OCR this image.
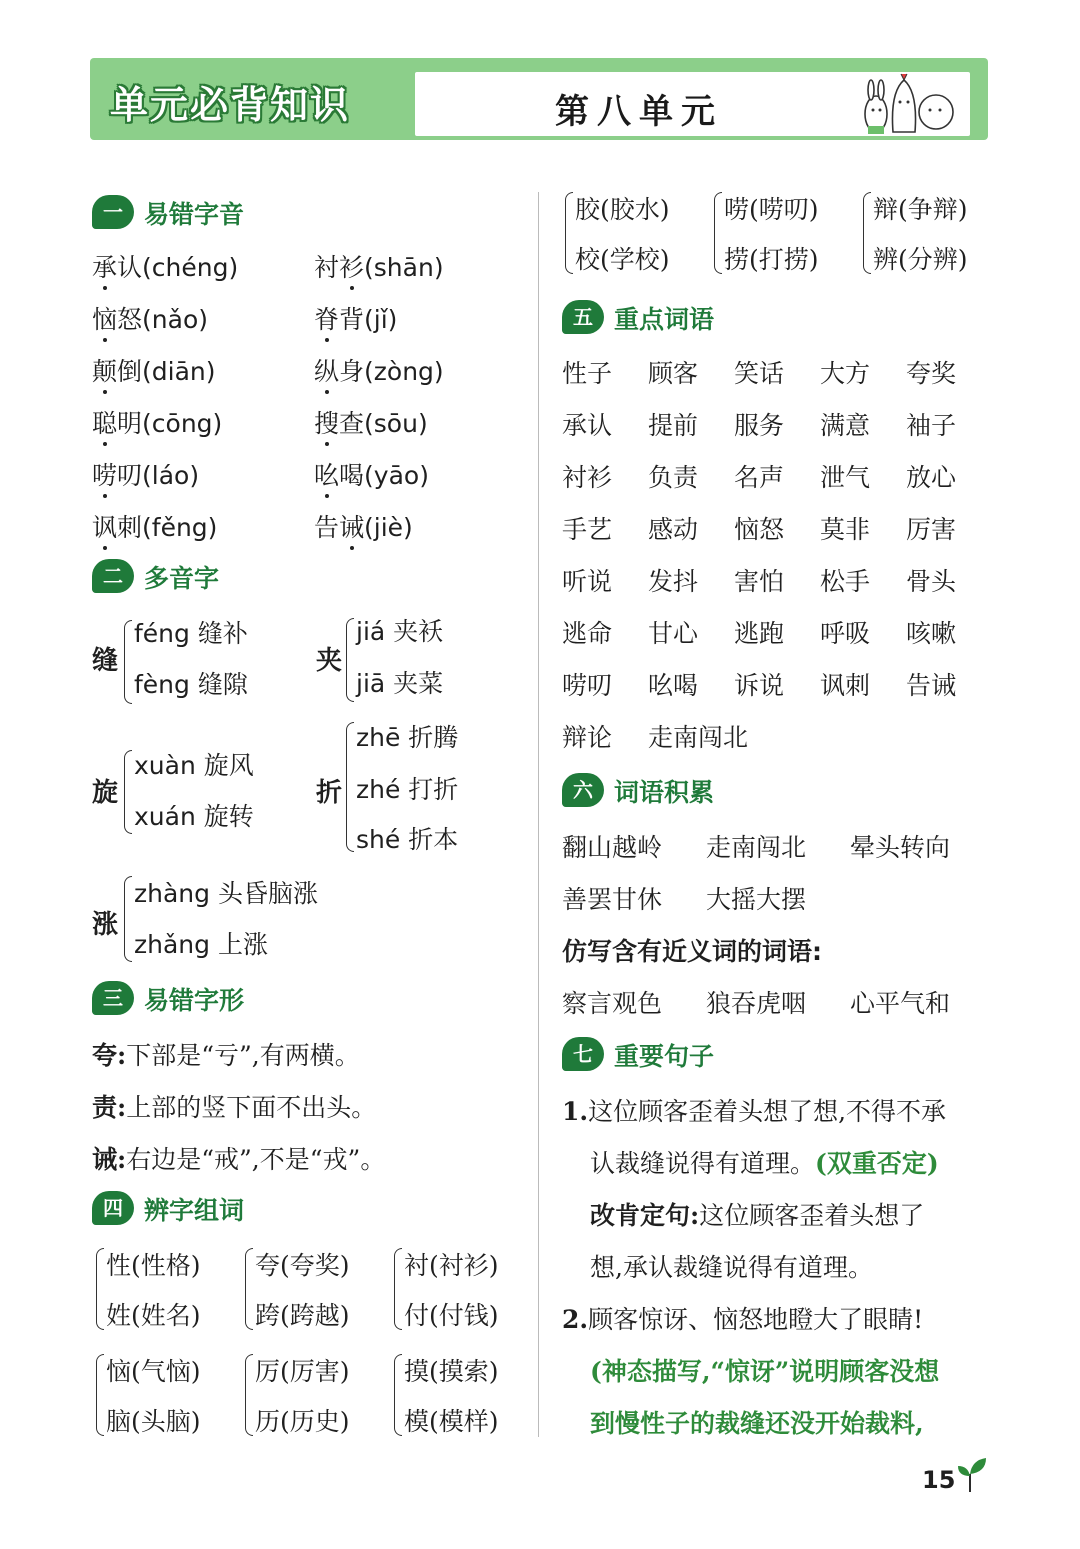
单元必背知识	第八单元
一 易错字音
承认(chéng)	衬衫(shān)
恼怒(nǎo)	脊背(jǐ)
颠倒(diān)	纵身(zòng)
聪明(cōng)	搜查(sōu)
唠叨(láo)	吆喝(yāo)
讽刺(fěng)	告诫(jiè)
二 多音字
缝
féng 缝补
fèng 缝隙
夹
jiá 夹袄
jiā 夹菜
旋
xuàn 旋风
xuán 旋转
折
zhē 折腾
zhé 打折
shé 折本
涨
zhàng 头昏脑涨
zhǎng 上涨
三 易错字形
夸:下部是“亏”,有两横。
责:上部的竖下面不出头。
诫:右边是“戒”,不是“戎”。
四 辨字组词
性(性格)
姓(姓名)
夸(夸奖)
跨(跨越)
衬(衬衫)
付(付钱)
恼(气恼)
脑(头脑)
厉(厉害)
历(历史)
摸(摸索)
模(模样)
胶(胶水)
校(学校)
唠(唠叨)
捞(打捞)
辩(争辩)
辨(分辨)
五 重点词语
性子 顾客 笑话 大方 夸奖
承认 提前 服务 满意 袖子
衬衫 负责 名声 泄气 放心
手艺 感动 恼怒 莫非 厉害
听说 发抖 害怕 松手 骨头
逃命 甘心 逃跑 呼吸 咳嗽
唠叨 吆喝 诉说 讽刺 告诫
辩论 走南闯北
六 词语积累
翻山越岭 走南闯北 晕头转向
善罢甘休 大摇大摆
仿写含有近义词的词语:
察言观色 狼吞虎咽 心平气和
七 重要句子
1.这位顾客歪着头想了想,不得不承
认裁缝说得有道理。(双重否定)
改肯定句:这位顾客歪着头想了
想,承认裁缝说得有道理。
2.顾客惊讶、恼怒地瞪大了眼睛!
(神态描写,“惊讶”说明顾客没想
到慢性子的裁缝还没开始裁料,
15
